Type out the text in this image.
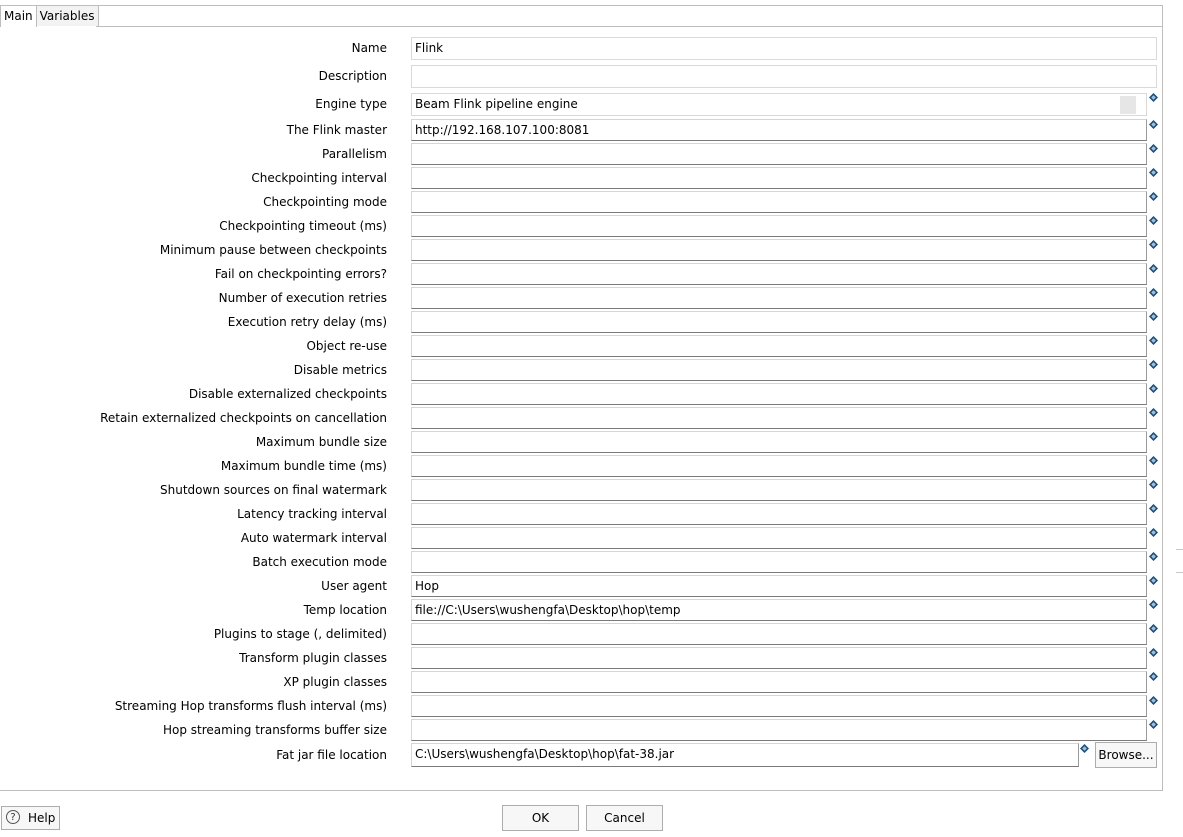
Main Variables
Name	Flink
Description
Engine type	Beam Flink pipeline engine
The Flink master	http://192.168.107.100:8081
Parallelism
Checkpointing interval
Checkpointing mode
Checkpointing timeout (ms)
Minimum pause between checkpoints
Fail on checkpointing errors?
Number of execution retries
Execution retry delay (ms)
Object re-use
Disable metrics
Disable externalized checkpoints
Retain externalized checkpoints on cancellation
Maximum bundle size
Maximum bundle time (ms)
Shutdown sources on final watermark
Latency tracking interval
Auto watermark interval
Batch execution mode
User agent	Hop
Temp location	file://C:\Users\wushengfa\Desktop\hop\temp
Plugins to stage (, delimited)
Transform plugin classes
XP plugin classes
Streaming Hop transforms flush interval (ms)
Hop streaming transforms buffer size
Fat jar file location	C:\Users\wushengfa\Desktop\hop\fat-38.jar	Browse...
?	Help	OK	Cancel
